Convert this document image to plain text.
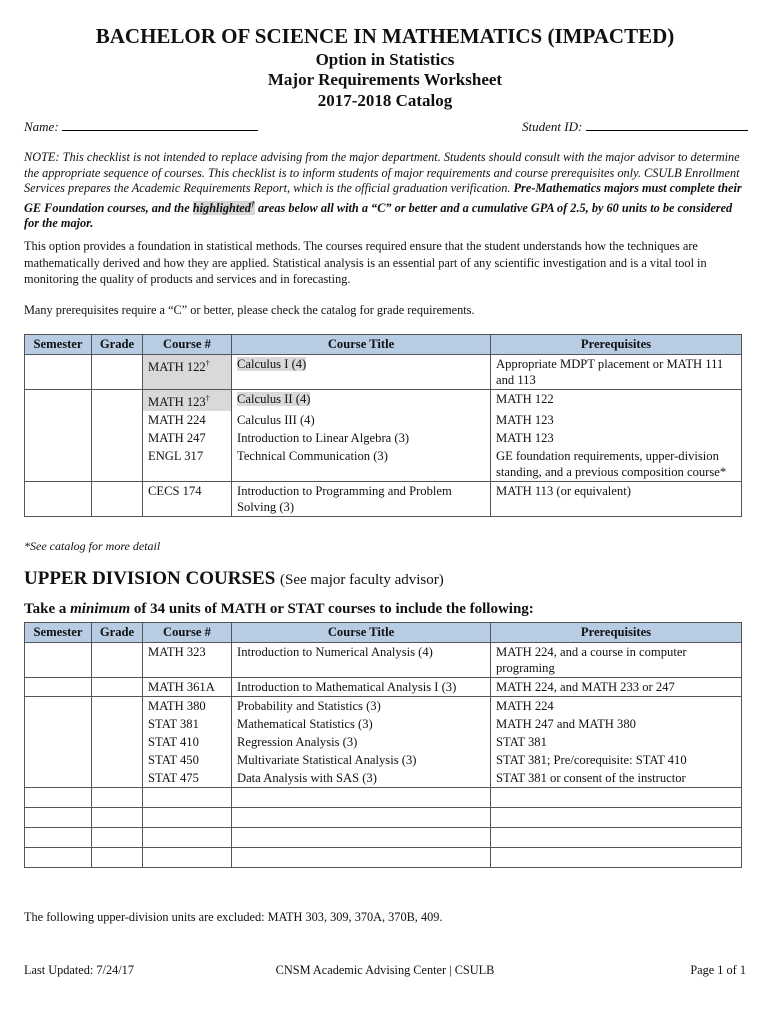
BACHELOR OF SCIENCE IN MATHEMATICS (IMPACTED)
Option in Statistics
Major Requirements Worksheet
2017-2018 Catalog
Name:	Student ID:
NOTE: This checklist is not intended to replace advising from the major department. Students should consult with the major advisor to determine the appropriate sequence of courses. This checklist is to inform students of major requirements and course prerequisites only. CSULB Enrollment Services prepares the Academic Requirements Report, which is the official graduation verification. Pre-Mathematics majors must complete their GE Foundation courses, and the highlighted† areas below all with a “C” or better and a cumulative GPA of 2.5, by 60 units to be considered for the major.
This option provides a foundation in statistical methods. The courses required ensure that the student understands how the techniques are mathematically derived and how they are applied. Statistical analysis is an essential part of any scientific investigation and is a vital tool in monitoring the quality of products and services and in forecasting.
Many prerequisites require a “C” or better, please check the catalog for grade requirements.
Semester	Grade	Course #	Course Title	Prerequisites
		MATH 122†	Calculus I (4)	Appropriate MDPT placement or MATH 111 and 113
		MATH 123†	Calculus II (4)	MATH 122
		MATH 224	Calculus III (4)	MATH 123
		MATH 247	Introduction to Linear Algebra (3)	MATH 123
		ENGL 317	Technical Communication (3)	GE foundation requirements, upper-division standing, and a previous composition course*
		CECS 174	Introduction to Programming and Problem Solving (3)	MATH 113 (or equivalent)
*See catalog for more detail
UPPER DIVISION COURSES (See major faculty advisor)
Take a minimum of 34 units of MATH or STAT courses to include the following:
Semester	Grade	Course #	Course Title	Prerequisites
		MATH 323	Introduction to Numerical Analysis (4)	MATH 224, and a course in computer programing
		MATH 361A	Introduction to Mathematical Analysis I (3)	MATH 224, and MATH 233 or 247
		MATH 380	Probability and Statistics (3)	MATH 224
		STAT 381	Mathematical Statistics (3)	MATH 247 and MATH 380
		STAT 410	Regression Analysis (3)	STAT 381
		STAT 450	Multivariate Statistical Analysis (3)	STAT 381; Pre/corequisite: STAT 410
		STAT 475	Data Analysis with SAS (3)	STAT 381 or consent of the instructor

The following upper-division units are excluded: MATH 303, 309, 370A, 370B, 409.
Last Updated: 7/24/17	CNSM Academic Advising Center | CSULB	Page 1 of 1
